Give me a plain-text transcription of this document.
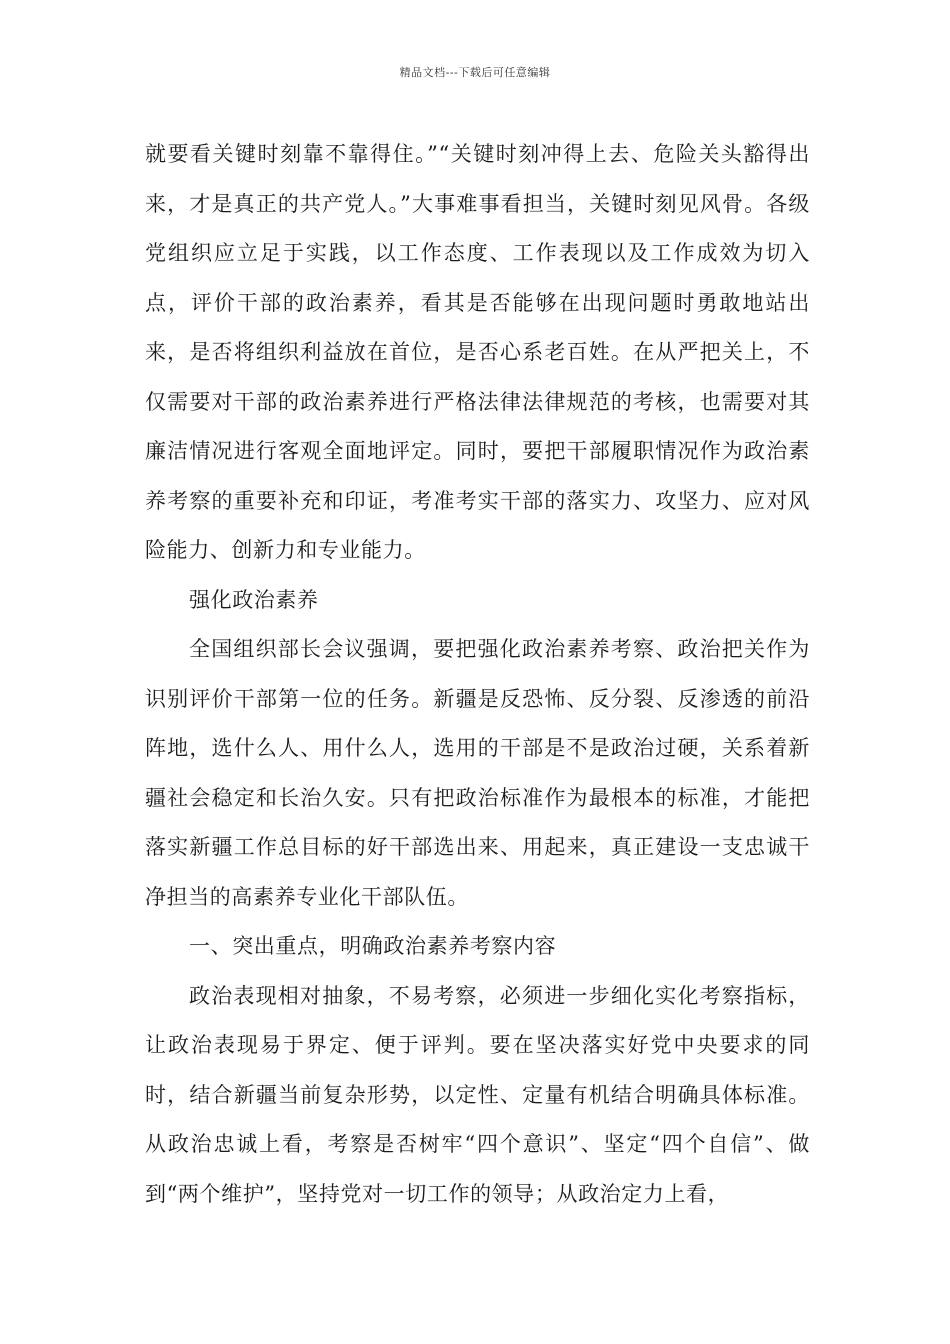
精品文档---下载后可任意编辑

就要看关键时刻靠不靠得住。”“关键时刻冲得上去、危险关头豁得出来，才是真正的共产党人。”大事难事看担当，关键时刻见风骨。各级党组织应立足于实践，以工作态度、工作表现以及工作成效为切入点，评价干部的政治素养，看其是否能够在出现问题时勇敢地站出来，是否将组织利益放在首位，是否心系老百姓。在从严把关上，不仅需要对干部的政治素养进行严格法律法律规范的考核，也需要对其廉洁情况进行客观全面地评定。同时，要把干部履职情况作为政治素养考察的重要补充和印证，考准考实干部的落实力、攻坚力、应对风险能力、创新力和专业能力。

强化政治素养

全国组织部长会议强调，要把强化政治素养考察、政治把关作为识别评价干部第一位的任务。新疆是反恐怖、反分裂、反渗透的前沿阵地，选什么人、用什么人，选用的干部是不是政治过硬，关系着新疆社会稳定和长治久安。只有把政治标准作为最根本的标准，才能把落实新疆工作总目标的好干部选出来、用起来，真正建设一支忠诚干净担当的高素养专业化干部队伍。

一、突出重点，明确政治素养考察内容

政治表现相对抽象，不易考察，必须进一步细化实化考察指标，让政治表现易于界定、便于评判。要在坚决落实好党中央要求的同时，结合新疆当前复杂形势，以定性、定量有机结合明确具体标准。从政治忠诚上看，考察是否树牢“四个意识”、坚定“四个自信”、做到“两个维护”，坚持党对一切工作的领导；从政治定力上看，
